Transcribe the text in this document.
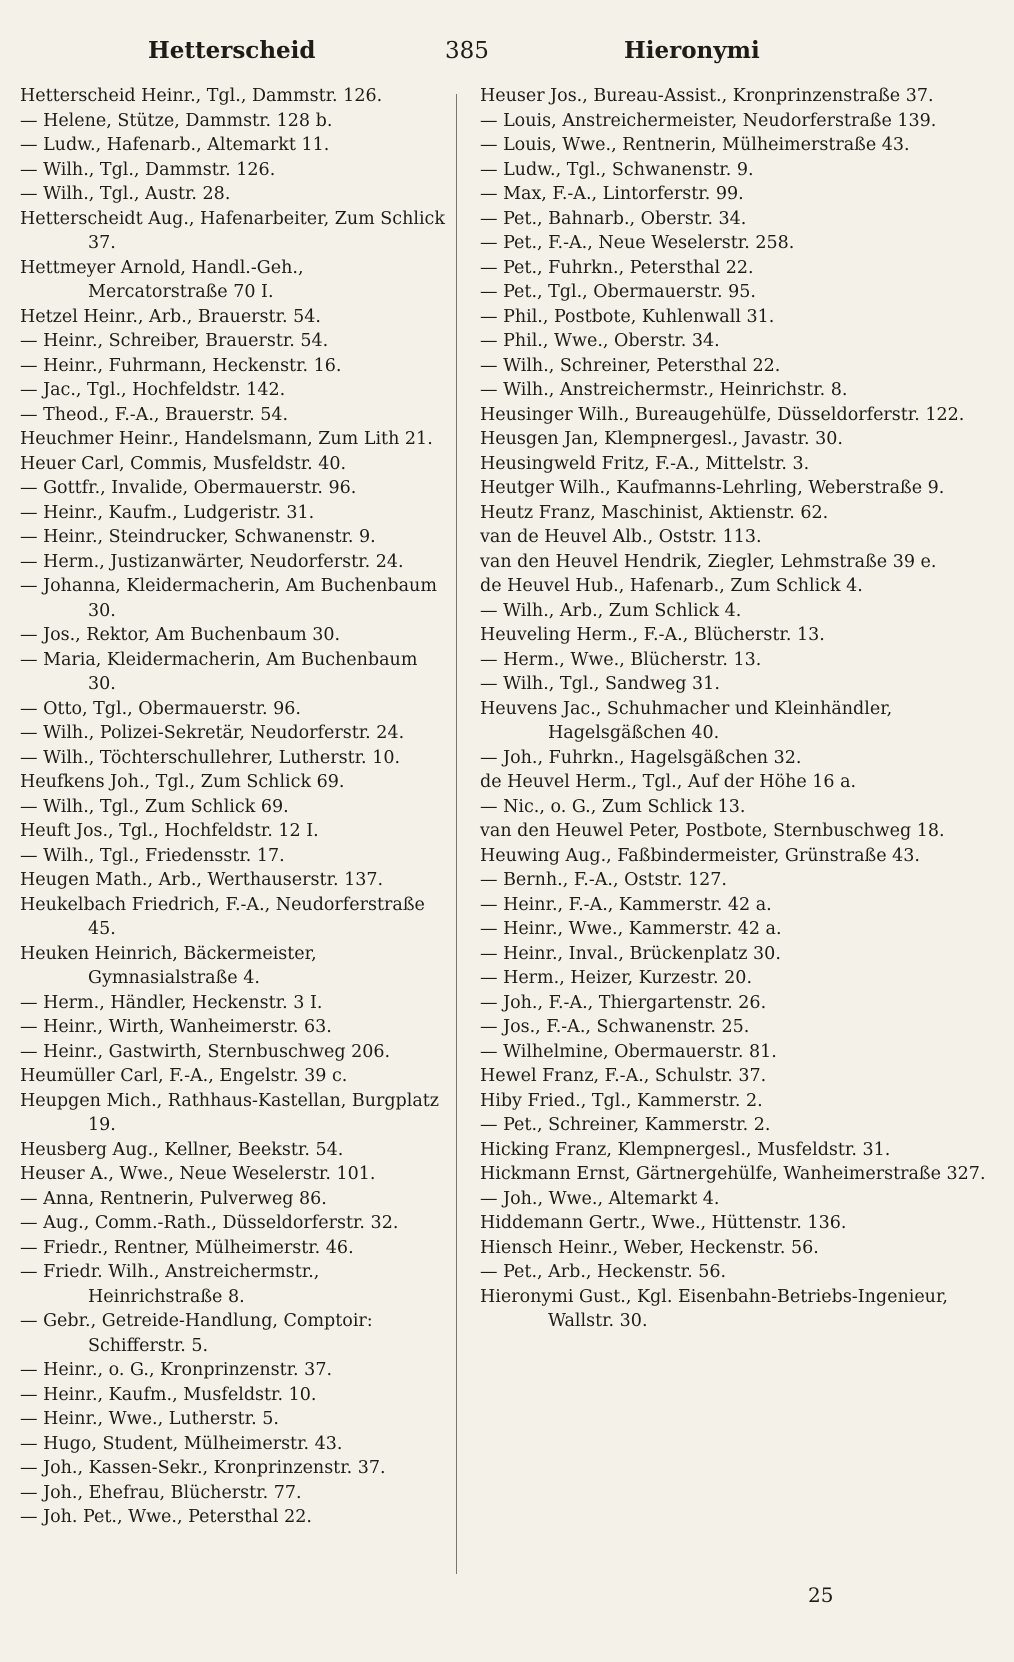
Hetterscheid	385	Hieronymi

Hetterscheid Heinr., Tgl., Dammstr. 126.

— Helene, Stütze, Dammstr. 128 b.

— Ludw., Hafenarb., Altemarkt 11.

— Wilh., Tgl., Dammstr. 126.

— Wilh., Tgl., Austr. 28.

Hetterscheidt Aug., Hafenarbeiter, Zum Schlick 37.

Hettmeyer Arnold, Handl.-Geh., Mercatorstraße 70 I.

Hetzel Heinr., Arb., Brauerstr. 54.

— Heinr., Schreiber, Brauerstr. 54.

— Heinr., Fuhrmann, Heckenstr. 16.

— Jac., Tgl., Hochfeldstr. 142.

— Theod., F.-A., Brauerstr. 54.

Heuchmer Heinr., Handelsmann, Zum Lith 21.

Heuer Carl, Commis, Musfeldstr. 40.

— Gottfr., Invalide, Obermauerstr. 96.

— Heinr., Kaufm., Ludgeristr. 31.

— Heinr., Steindrucker, Schwanenstr. 9.

— Herm., Justizanwärter, Neudorferstr. 24.

— Johanna, Kleidermacherin, Am Buchenbaum 30.

— Jos., Rektor, Am Buchenbaum 30.

— Maria, Kleidermacherin, Am Buchenbaum 30.

— Otto, Tgl., Obermauerstr. 96.

— Wilh., Polizei-Sekretär, Neudorferstr. 24.

— Wilh., Töchterschullehrer, Lutherstr. 10.

Heufkens Joh., Tgl., Zum Schlick 69.

— Wilh., Tgl., Zum Schlick 69.

Heuft Jos., Tgl., Hochfeldstr. 12 I.

— Wilh., Tgl., Friedensstr. 17.

Heugen Math., Arb., Werthauserstr. 137.

Heukelbach Friedrich, F.-A., Neudorferstraße 45.

Heuken Heinrich, Bäckermeister, Gymnasialstraße 4.

— Herm., Händler, Heckenstr. 3 I.

— Heinr., Wirth, Wanheimerstr. 63.

— Heinr., Gastwirth, Sternbuschweg 206.

Heumüller Carl, F.-A., Engelstr. 39 c.

Heupgen Mich., Rathhaus-Kastellan, Burgplatz 19.

Heusberg Aug., Kellner, Beekstr. 54.

Heuser A., Wwe., Neue Weselerstr. 101.

— Anna, Rentnerin, Pulverweg 86.

— Aug., Comm.-Rath., Düsseldorferstr. 32.

— Friedr., Rentner, Mülheimerstr. 46.

— Friedr. Wilh., Anstreichermstr., Heinrichstraße 8.

— Gebr., Getreide-Handlung, Comptoir: Schifferstr. 5.

— Heinr., o. G., Kronprinzenstr. 37.

— Heinr., Kaufm., Musfeldstr. 10.

— Heinr., Wwe., Lutherstr. 5.

— Hugo, Student, Mülheimerstr. 43.

— Joh., Kassen-Sekr., Kronprinzenstr. 37.

— Joh., Ehefrau, Blücherstr. 77.

— Joh. Pet., Wwe., Petersthal 22.

Heuser Jos., Bureau-Assist., Kronprinzenstraße 37.

— Louis, Anstreichermeister, Neudorferstraße 139.

— Louis, Wwe., Rentnerin, Mülheimerstraße 43.

— Ludw., Tgl., Schwanenstr. 9.

— Max, F.-A., Lintorferstr. 99.

— Pet., Bahnarb., Oberstr. 34.

— Pet., F.-A., Neue Weselerstr. 258.

— Pet., Fuhrkn., Petersthal 22.

— Pet., Tgl., Obermauerstr. 95.

— Phil., Postbote, Kuhlenwall 31.

— Phil., Wwe., Oberstr. 34.

— Wilh., Schreiner, Petersthal 22.

— Wilh., Anstreichermstr., Heinrichstr. 8.

Heusinger Wilh., Bureaugehülfe, Düsseldorferstr. 122.

Heusgen Jan, Klempnergesl., Javastr. 30.

Heusingweld Fritz, F.-A., Mittelstr. 3.

Heutger Wilh., Kaufmanns-Lehrling, Weberstraße 9.

Heutz Franz, Maschinist, Aktienstr. 62.

van de Heuvel Alb., Oststr. 113.

van den Heuvel Hendrik, Ziegler, Lehmstraße 39 e.

de Heuvel Hub., Hafenarb., Zum Schlick 4.

— Wilh., Arb., Zum Schlick 4.

Heuveling Herm., F.-A., Blücherstr. 13.

— Herm., Wwe., Blücherstr. 13.

— Wilh., Tgl., Sandweg 31.

Heuvens Jac., Schuhmacher und Kleinhändler, Hagelsgäßchen 40.

— Joh., Fuhrkn., Hagelsgäßchen 32.

de Heuvel Herm., Tgl., Auf der Höhe 16 a.

— Nic., o. G., Zum Schlick 13.

van den Heuwel Peter, Postbote, Sternbuschweg 18.

Heuwing Aug., Faßbindermeister, Grünstraße 43.

— Bernh., F.-A., Oststr. 127.

— Heinr., F.-A., Kammerstr. 42 a.

— Heinr., Wwe., Kammerstr. 42 a.

— Heinr., Inval., Brückenplatz 30.

— Herm., Heizer, Kurzestr. 20.

— Joh., F.-A., Thiergartenstr. 26.

— Jos., F.-A., Schwanenstr. 25.

— Wilhelmine, Obermauerstr. 81.

Hewel Franz, F.-A., Schulstr. 37.

Hiby Fried., Tgl., Kammerstr. 2.

— Pet., Schreiner, Kammerstr. 2.

Hicking Franz, Klempnergesl., Musfeldstr. 31.

Hickmann Ernst, Gärtnergehülfe, Wanheimerstraße 327.

— Joh., Wwe., Altemarkt 4.

Hiddemann Gertr., Wwe., Hüttenstr. 136.

Hiensch Heinr., Weber, Heckenstr. 56.

— Pet., Arb., Heckenstr. 56.

Hieronymi Gust., Kgl. Eisenbahn-Betriebs-Ingenieur, Wallstr. 30.

25
